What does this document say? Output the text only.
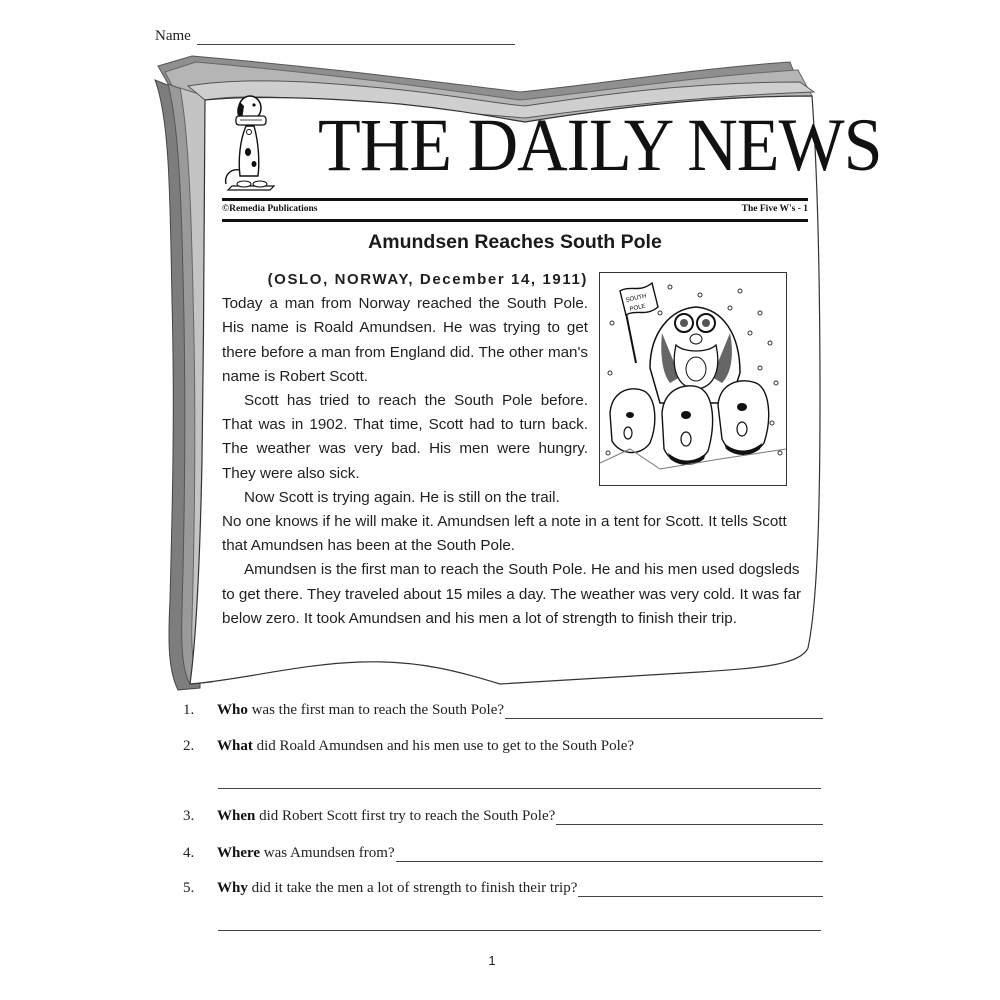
Name
THE DAILY NEWS
©Remedia Publications	The Five W's - 1
Amundsen Reaches South Pole
(OSLO, NORWAY, December 14, 1911)

Today a man from Norway reached the South Pole. His name is Roald Amundsen. He was trying to get there before a man from England did. The other man's name is Robert Scott.

Scott has tried to reach the South Pole before. That was in 1902. That time, Scott had to turn back. The weather was very bad. His men were hungry. They were also sick.

Now Scott is trying again. He is still on the trail.

No one knows if he will make it. Amundsen left a note in a tent for Scott. It tells Scott that Amundsen has been at the South Pole.

Amundsen is the first man to reach the South Pole. He and his men used dogsleds to get there. They traveled about 15 miles a day. The weather was very cold. It was far below zero. It took Amundsen and his men a lot of strength to finish their trip.

SOUTH
POLE
1.	Who was the first man to reach the South Pole?
2.	What did Roald Amundsen and his men use to get to the South Pole?
3.	When did Robert Scott first try to reach the South Pole?
4.	Where was Amundsen from?
5.	Why did it take the men a lot of strength to finish their trip?
1
